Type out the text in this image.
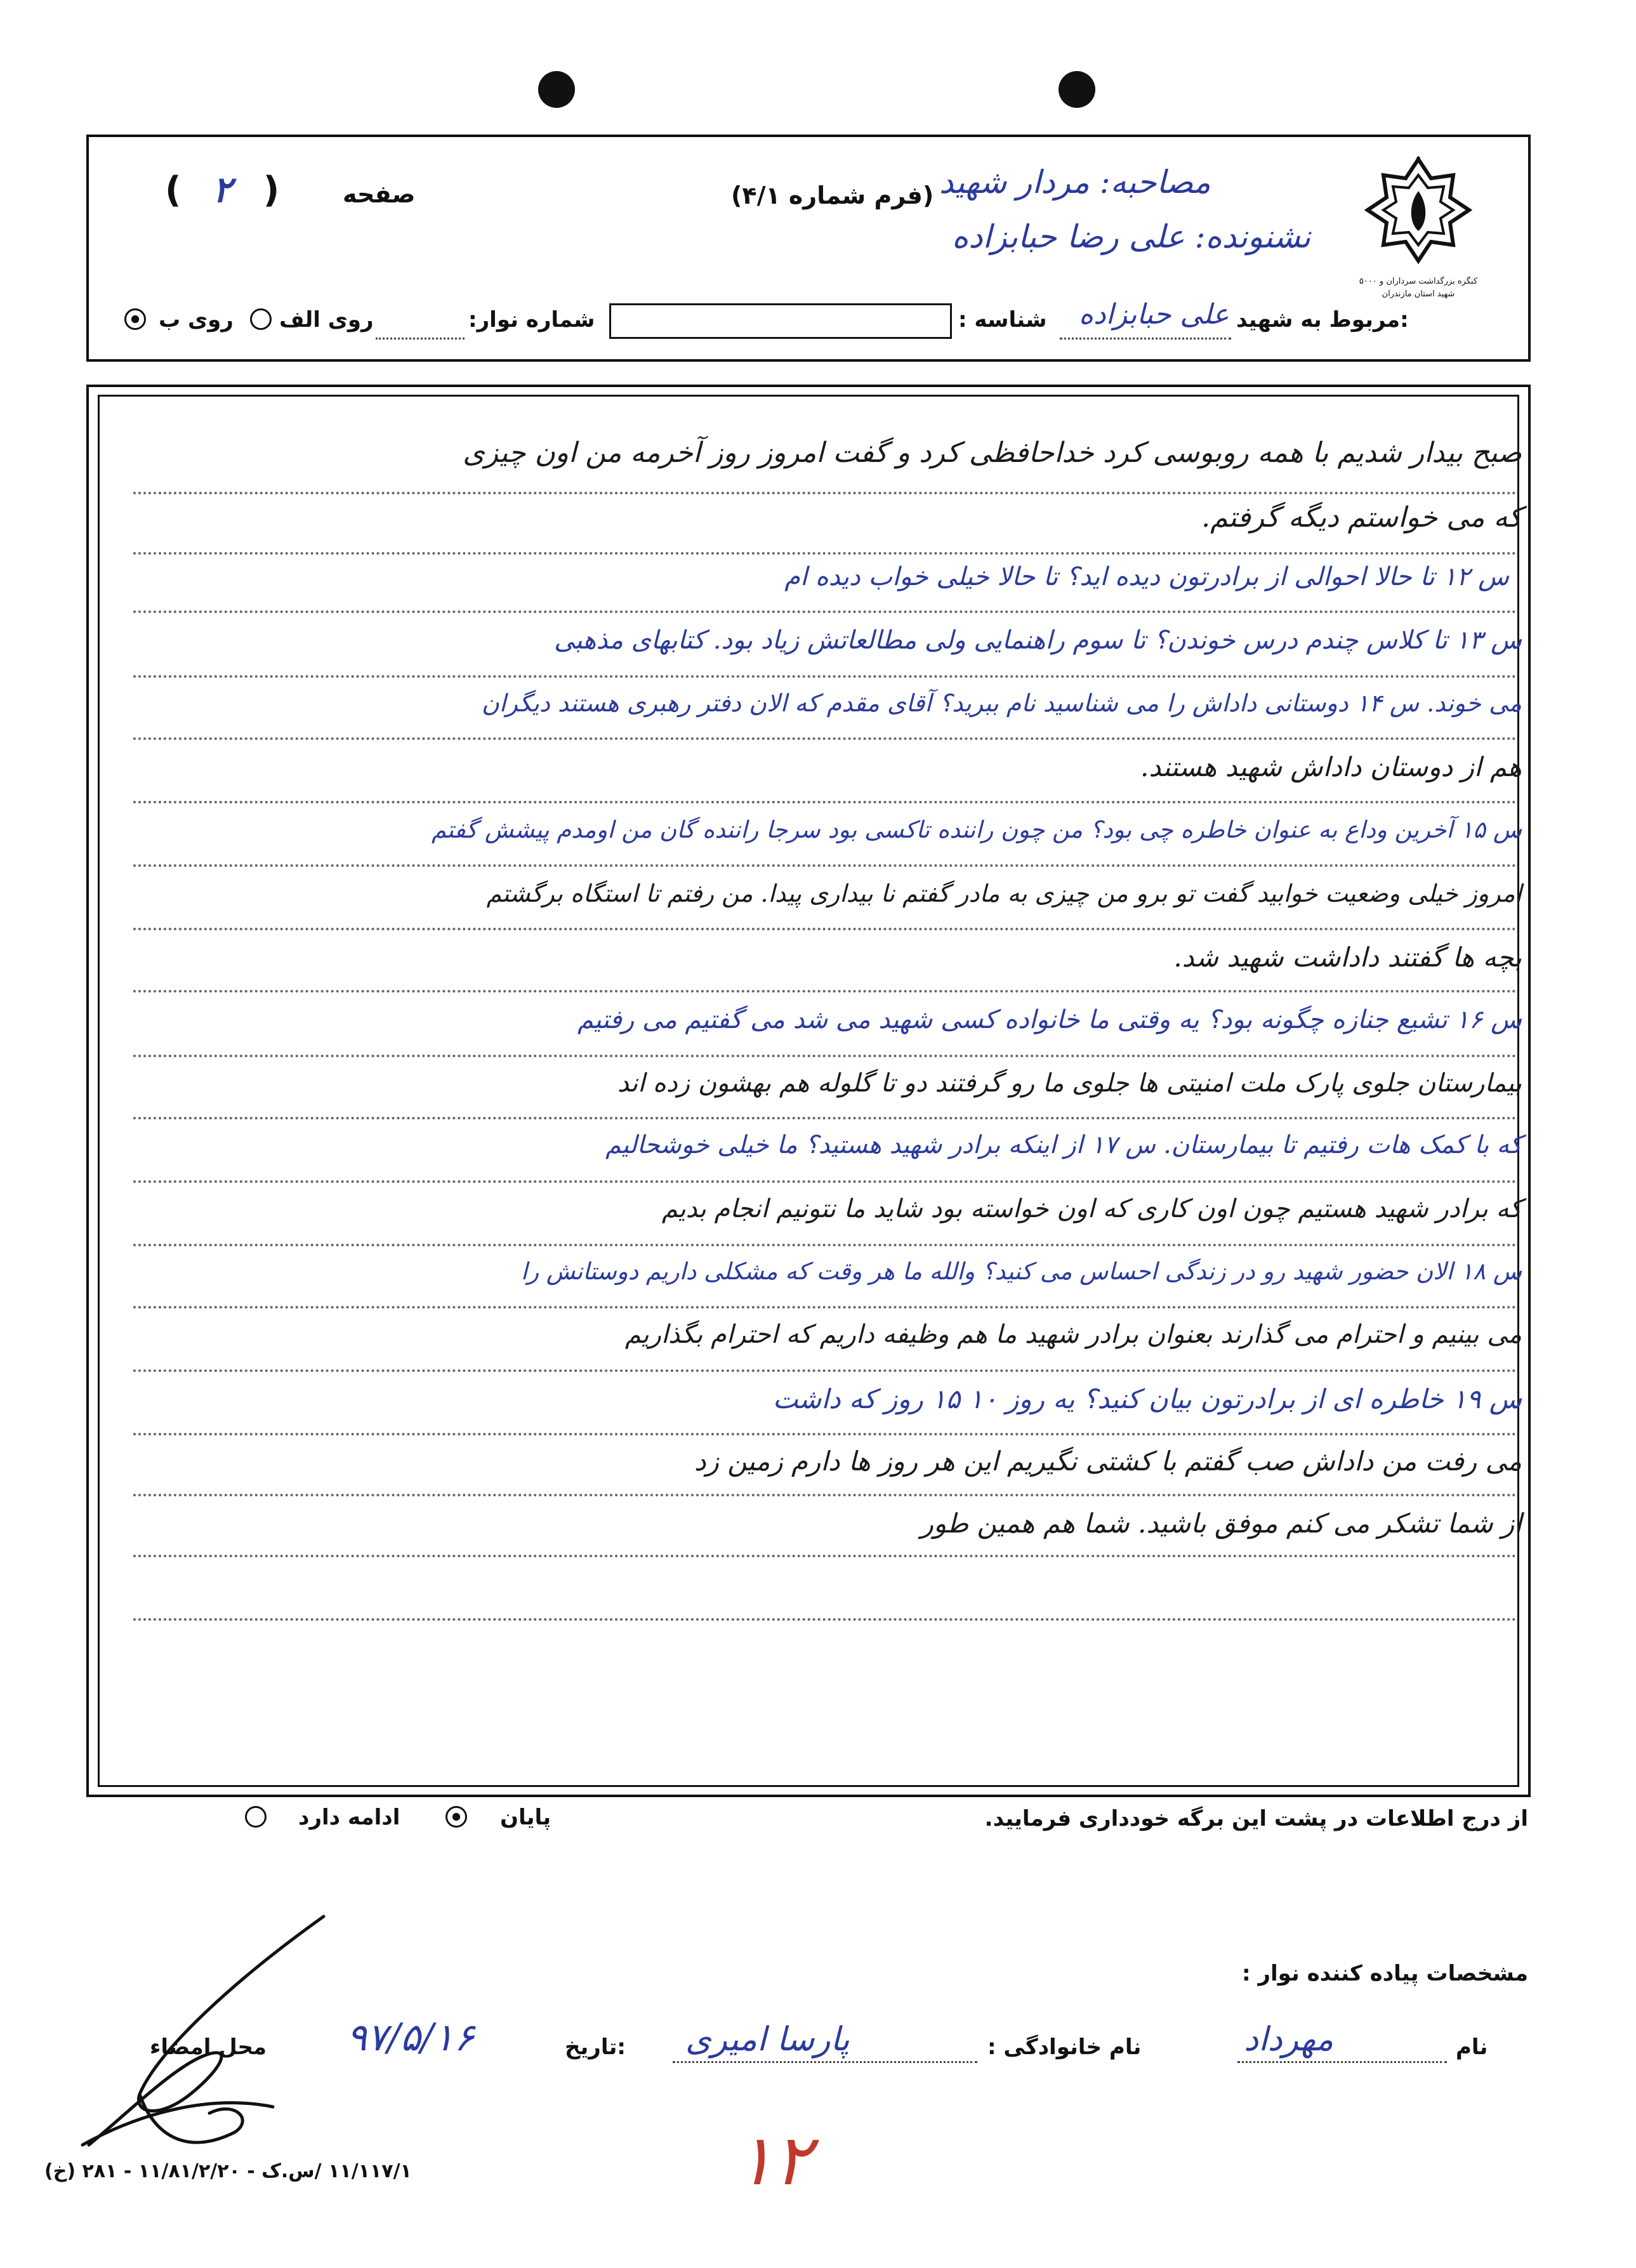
کنگره بزرگداشت سرداران و ۵۰۰۰ شهید استان مازندران
صفحه
( ۲ )	(فرم شماره ۴/۱) مصاحبه: مردار شهید
نشنونده: علی رضا حبابزاده
مربوط به شهید:
علی حبابزاده
شناسه :
شماره نوار:
روی الف
روی ب
صبح بیدار شدیم با همه روبوسی کرد خداحافظی کرد و گفت امروز روز آخرمه من اون چیزی
که می خواستم دیگه گرفتم.
س ۱۲ تا حالا احوالی از برادرتون دیده اید؟ تا حالا خیلی خواب دیده ام
س ۱۳ تا کلاس چندم درس خوندن؟ تا سوم راهنمایی ولی مطالعاتش زیاد بود. کتابهای مذهبی
می خوند. س ۱۴ دوستانی داداش را می شناسید نام ببرید؟ آقای مقدم که الان دفتر رهبری هستند دیگران
هم از دوستان داداش شهید هستند.
س ۱۵ آخرین وداع به عنوان خاطره چی بود؟ من چون راننده تاکسی بود سرجا راننده گان من اومدم پیشش گفتم
امروز خیلی وضعیت خوابید گفت تو برو من چیزی به مادر گفتم نا بیداری پیدا. من رفتم تا استگاه برگشتم
بچه ها گفتند داداشت شهید شد.
س ۱۶ تشیع جنازه چگونه بود؟ یه وقتی ما خانواده کسی شهید می شد می گفتیم می رفتیم
بیمارستان جلوی پارک ملت امنیتی ها جلوی ما رو گرفتند دو تا گلوله هم بهشون زده اند
که با کمک هات رفتیم تا بیمارستان. س ۱۷ از اینکه برادر شهید هستید؟ ما خیلی خوشحالیم
که برادر شهید هستیم چون اون کاری که اون خواسته بود شاید ما نتونیم انجام بدیم
س ۱۸ الان حضور شهید رو در زندگی احساس می کنید؟ والله ما هر وقت که مشکلی داریم دوستانش را
می بینیم و احترام می گذارند بعنوان برادر شهید ما هم وظیفه داریم که احترام بگذاریم
س ۱۹ خاطره ای از برادرتون بیان کنید؟ یه روز ۱۰ ۱۵ روز که داشت
می رفت من داداش صب گفتم با کشتی نگیریم این هر روز ها دارم زمین زد
از شما تشکر می کنم موفق باشید. شما هم همین طور
پایان
ادامه دارد	از درج اطلاعات در پشت این برگه خودداری فرمایید.
مشخصات پیاده کننده نوار :
نام
مهرداد
نام خانوادگی :
پارسا امیری
تاریخ:
۹۷/۵/۱۶
محل امضاء
۱۲
۱۱/۱۱۷/۱ /س.ک - ۱۱/۸۱/۲/۲۰ - ۲۸۱ (خ)
